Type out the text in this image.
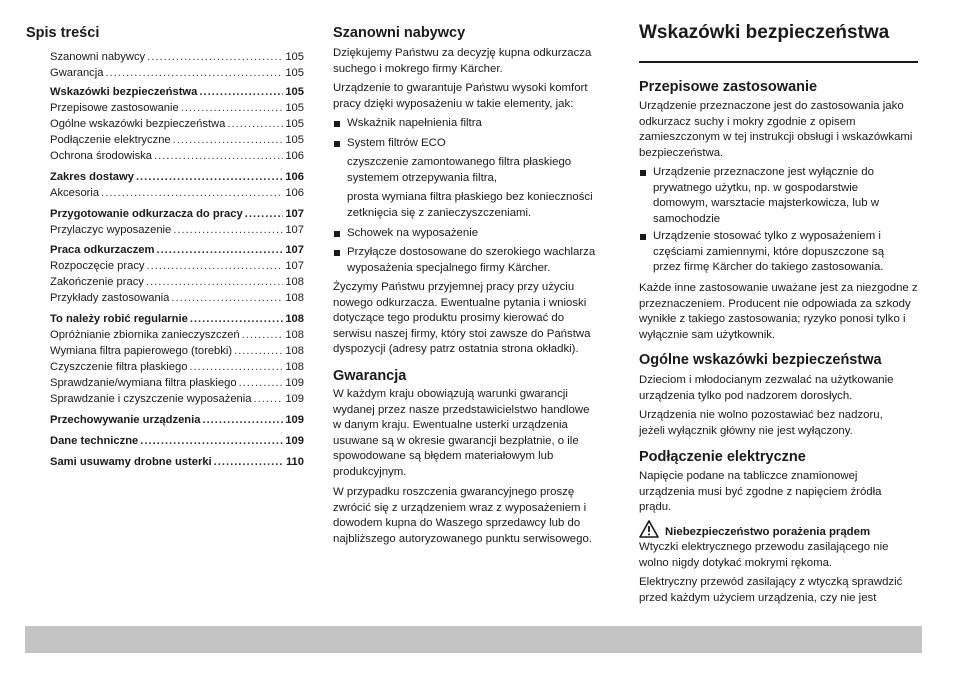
Spis treści
Szanowni nabywcy .....	105
Gwarancja .....	105
Wskazówki bezpieczeństwa .....	105
Przepisowe zastosowanie .....	105
Ogólne wskazówki bezpieczeństwa .....	105
Podłączenie elektryczne .....	105
Ochrona środowiska .....	106
Zakres dostawy .....	106
Akcesoria .....	106
Przygotowanie odkurzacza do pracy .....	107
Przylaczyc wyposazenie .....	107
Praca odkurzaczem .....	107
Rozpoczęcie pracy .....	107
Zakończenie pracy .....	108
Przykłady zastosowania .....	108
To należy robić regularnie .....	108
Opróżnianie zbiornika zanieczyszczeń .....	108
Wymiana filtra papierowego (torebki) .....	108
Czyszczenie filtra płaskiego .....	108
Sprawdzanie/wymiana filtra płaskiego .....	109
Sprawdzanie i czyszczenie wyposażenia .....	109
Przechowywanie urządzenia .....	109
Dane techniczne .....	109
Sami usuwamy drobne usterki .....	110
Szanowni nabywcy

Dziękujemy Państwu za decyzję kupna odkurzacza suchego i mokrego firmy Kärcher.

Urządzenie to gwarantuje Państwu wysoki komfort pracy dzięki wyposażeniu w takie elementy, jak:

Wskaźnik napełnienia filtra
System filtrów ECO

czyszczenie zamontowanego filtra płaskiego systemem otrzepywania filtra,

prosta wymiana filtra płaskiego bez konieczności zetknięcia się z zanieczyszczeniami.

Schowek na wyposażenie
Przyłącze dostosowane do szerokiego wachlarza wyposażenia specjalnego firmy Kärcher.

Życzymy Państwu przyjemnej pracy przy użyciu nowego odkurzacza. Ewentualne pytania i wnioski dotyczące tego produktu prosimy kierować do serwisu naszej firmy, który stoi zawsze do Państwa dyspozycji (adresy patrz ostatnia strona okładki).

Gwarancja

W każdym kraju obowiązują warunki gwarancji wydanej przez nasze przedstawicielstwo handlowe w danym kraju. Ewentualne usterki urządzenia usuwane są w okresie gwarancji bezpłatnie, o ile spowodowane są błędem materiałowym lub produkcyjnym.

W przypadku roszczenia gwarancyjnego proszę zwrócić się z urządzeniem wraz z wyposażeniem i dowodem kupna do Waszego sprzedawcy lub do najbliższego autoryzowanego punktu serwisowego.

Wskazówki bezpieczeństwa
Przepisowe zastosowanie

Urządzenie przeznaczone jest do zastosowania jako odkurzacz suchy i mokry zgodnie z opisem zamieszczonym w tej instrukcji obsługi i wskazówkami bezpieczeństwa.

Urządzenie przeznaczone jest wyłącznie do prywatnego użytku, np. w gospodarstwie domowym, warsztacie majsterkowicza, lub w samochodzie
Urządzenie stosować tylko z wyposażeniem i częściami zamiennymi, które dopuszczone są przez firmę Kärcher do takiego zastosowania.

Każde inne zastosowanie uważane jest za niezgodne z przeznaczeniem. Producent nie odpowiada za szkody wynikłe z takiego zastosowania; ryzyko ponosi tylko i wyłącznie sam użytkownik.

Ogólne wskazówki bezpieczeństwa

Dzieciom i młodocianym zezwalać na użytkowanie urządzenia tylko pod nadzorem dorosłych.

Urządzenia nie wolno pozostawiać bez nadzoru, jeżeli wyłącznik główny nie jest wyłączony.

Podłączenie elektryczne

Napięcie podane na tabliczce znamionowej urządzenia musi być zgodne z napięciem źródła prądu.

Niebezpieczeństwo porażenia prądem

Wtyczki elektrycznego przewodu zasilającego nie wolno nigdy dotykać mokrymi rękoma.

Elektryczny przewód zasilający z wtyczką sprawdzić przed każdym użyciem urządzenia, czy nie jest
